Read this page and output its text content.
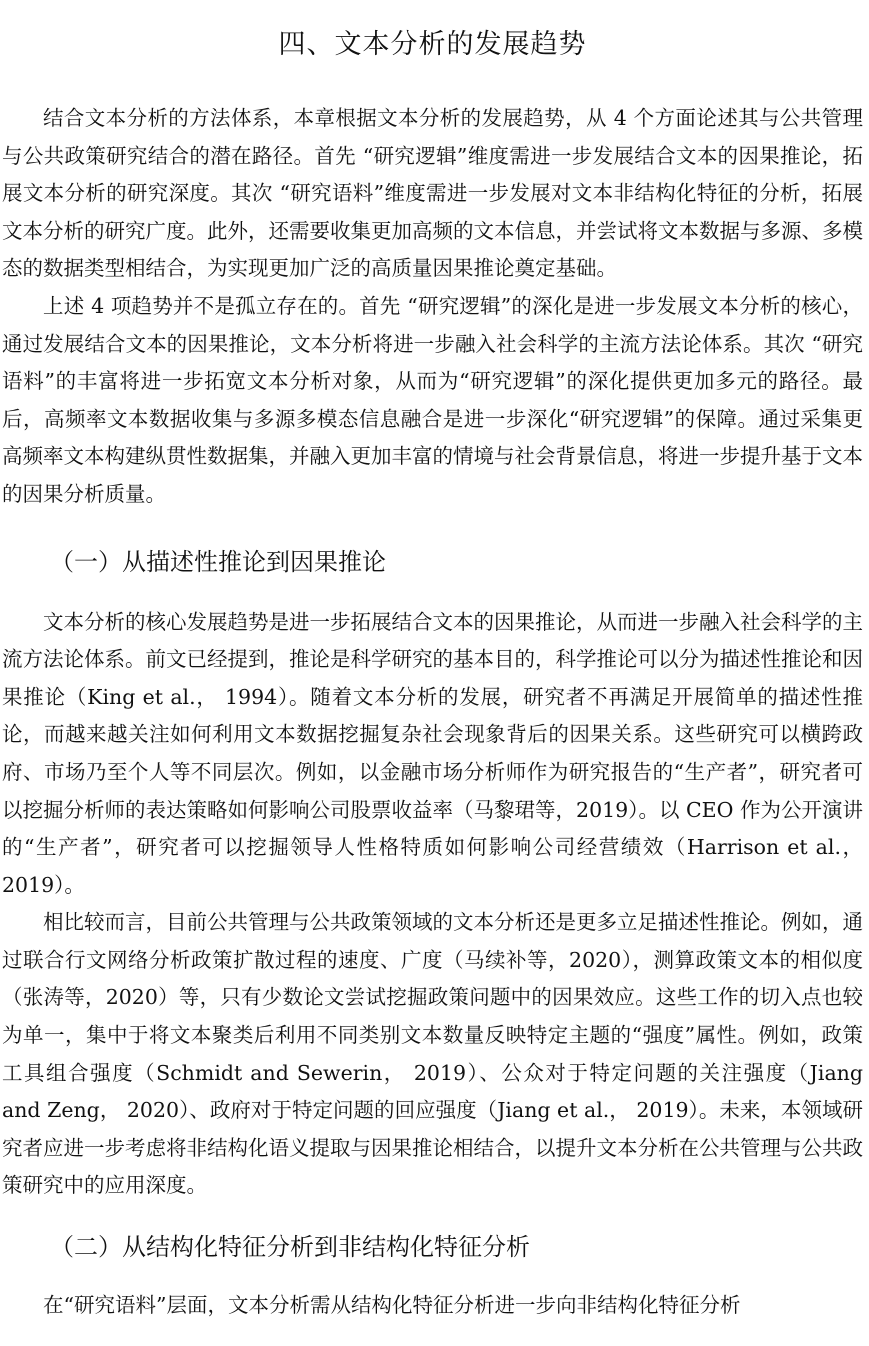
四、文本分析的发展趋势

结合文本分析的方法体系，本章根据文本分析的发展趋势，从 4 个方面论述其与公共管理与公共政策研究结合的潜在路径。首先 “研究逻辑”维度需进一步发展结合文本的因果推论，拓展文本分析的研究深度。其次 “研究语料”维度需进一步发展对文本非结构化特征的分析，拓展文本分析的研究广度。此外，还需要收集更加高频的文本信息，并尝试将文本数据与多源、多模态的数据类型相结合，为实现更加广泛的高质量因果推论奠定基础。

上述 4 项趋势并不是孤立存在的。首先 “研究逻辑”的深化是进一步发展文本分析的核心，通过发展结合文本的因果推论，文本分析将进一步融入社会科学的主流方法论体系。其次 “研究语料”的丰富将进一步拓宽文本分析对象，从而为“研究逻辑”的深化提供更加多元的路径。最后，高频率文本数据收集与多源多模态信息融合是进一步深化“研究逻辑”的保障。通过采集更高频率文本构建纵贯性数据集，并融入更加丰富的情境与社会背景信息，将进一步提升基于文本的因果分析质量。

（一）从描述性推论到因果推论

文本分析的核心发展趋势是进一步拓展结合文本的因果推论，从而进一步融入社会科学的主流方法论体系。前文已经提到，推论是科学研究的基本目的，科学推论可以分为描述性推论和因果推论（King et al.， 1994）。随着文本分析的发展，研究者不再满足开展简单的描述性推论，而越来越关注如何利用文本数据挖掘复杂社会现象背后的因果关系。这些研究可以横跨政府、市场乃至个人等不同层次。例如，以金融市场分析师作为研究报告的“生产者”，研究者可以挖掘分析师的表达策略如何影响公司股票收益率（马黎珺等，2019）。以 CEO 作为公开演讲的“生产者”，研究者可以挖掘领导人性格特质如何影响公司经营绩效（Harrison et al.， 2019）。

相比较而言，目前公共管理与公共政策领域的文本分析还是更多立足描述性推论。例如，通过联合行文网络分析政策扩散过程的速度、广度（马续补等，2020），测算政策文本的相似度（张涛等，2020）等，只有少数论文尝试挖掘政策问题中的因果效应。这些工作的切入点也较为单一，集中于将文本聚类后利用不同类别文本数量反映特定主题的“强度”属性。例如，政策工具组合强度（Schmidt and Sewerin， 2019）、公众对于特定问题的关注强度（Jiang and Zeng， 2020）、政府对于特定问题的回应强度（Jiang et al.， 2019）。未来，本领域研究者应进一步考虑将非结构化语义提取与因果推论相结合，以提升文本分析在公共管理与公共政策研究中的应用深度。

（二）从结构化特征分析到非结构化特征分析

在“研究语料”层面，文本分析需从结构化特征分析进一步向非结构化特征分析
